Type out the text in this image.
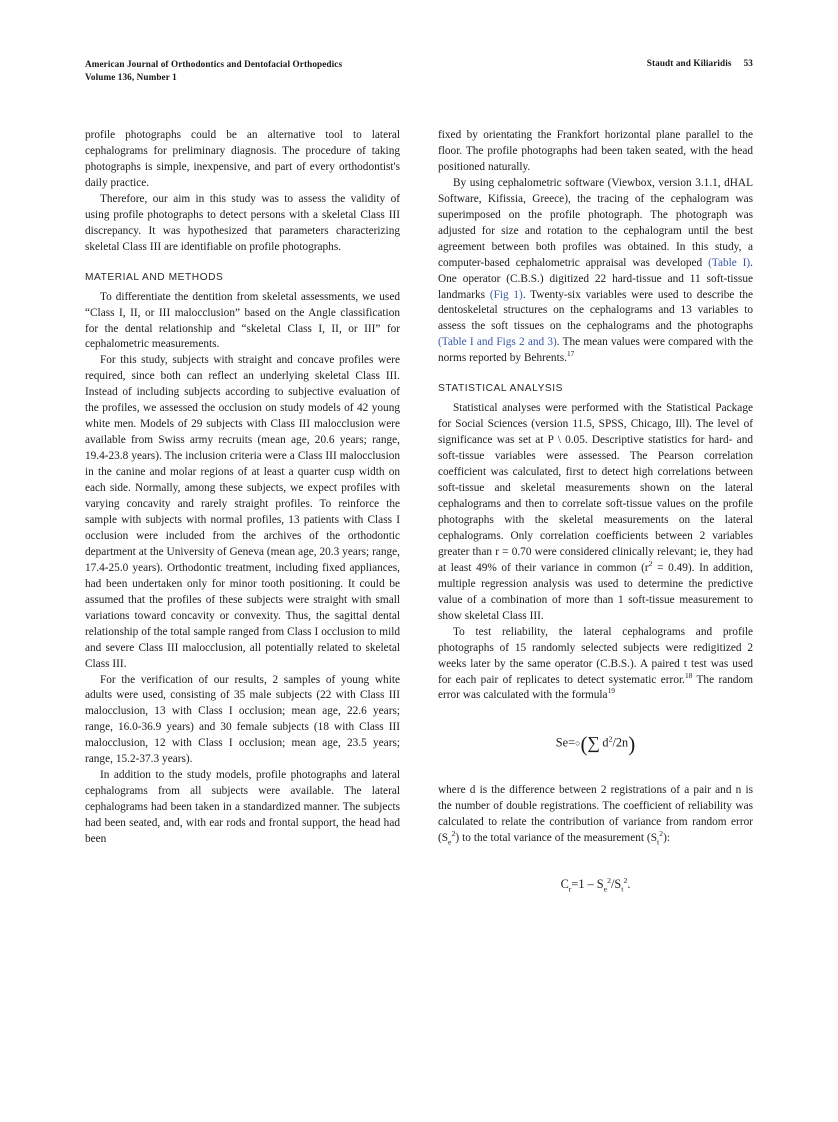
American Journal of Orthodontics and Dentofacial Orthopedics
Volume 136, Number 1
Staudt and Kiliaridis 53

profile photographs could be an alternative tool to lateral cephalograms for preliminary diagnosis. The procedure of taking photographs is simple, inexpensive, and part of every orthodontist's daily practice.

Therefore, our aim in this study was to assess the validity of using profile photographs to detect persons with a skeletal Class III discrepancy. It was hypothesized that parameters characterizing skeletal Class III are identifiable on profile photographs.

MATERIAL AND METHODS

To differentiate the dentition from skeletal assessments, we used “Class I, II, or III malocclusion” based on the Angle classification for the dental relationship and “skeletal Class I, II, or III” for cephalometric measurements.

For this study, subjects with straight and concave profiles were required, since both can reflect an underlying skeletal Class III. Instead of including subjects according to subjective evaluation of the profiles, we assessed the occlusion on study models of 42 young white men. Models of 29 subjects with Class III malocclusion were available from Swiss army recruits (mean age, 20.6 years; range, 19.4-23.8 years). The inclusion criteria were a Class III malocclusion in the canine and molar regions of at least a quarter cusp width on each side. Normally, among these subjects, we expect profiles with varying concavity and rarely straight profiles. To reinforce the sample with subjects with normal profiles, 13 patients with Class I occlusion were included from the archives of the orthodontic department at the University of Geneva (mean age, 20.3 years; range, 17.4-25.0 years). Orthodontic treatment, including fixed appliances, had been undertaken only for minor tooth positioning. It could be assumed that the profiles of these subjects were straight with small variations toward concavity or convexity. Thus, the sagittal dental relationship of the total sample ranged from Class I occlusion to mild and severe Class III malocclusion, all potentially related to skeletal Class III.

For the verification of our results, 2 samples of young white adults were used, consisting of 35 male subjects (22 with Class III malocclusion, 13 with Class I occlusion; mean age, 22.6 years; range, 16.0-36.9 years) and 30 female subjects (18 with Class III malocclusion, 12 with Class I occlusion; mean age, 23.5 years; range, 15.2-37.3 years).

In addition to the study models, profile photographs and lateral cephalograms from all subjects were available. The lateral cephalograms had been taken in a standardized manner. The subjects had been seated, and, with ear rods and frontal support, the head had been

fixed by orientating the Frankfort horizontal plane parallel to the floor. The profile photographs had been taken seated, with the head positioned naturally.

By using cephalometric software (Viewbox, version 3.1.1, dHAL Software, Kifissia, Greece), the tracing of the cephalogram was superimposed on the profile photograph. The photograph was adjusted for size and rotation to the cephalogram until the best agreement between both profiles was obtained. In this study, a computer-based cephalometric appraisal was developed (Table I). One operator (C.B.S.) digitized 22 hard-tissue and 11 soft-tissue landmarks (Fig 1). Twenty-six variables were used to describe the dentoskeletal structures on the cephalograms and 13 variables to assess the soft tissues on the cephalograms and the photographs (Table I and Figs 2 and 3). The mean values were compared with the norms reported by Behrents.$^{17}$

STATISTICAL ANALYSIS

Statistical analyses were performed with the Statistical Package for Social Sciences (version 11.5, SPSS, Chicago, Ill). The level of significance was set at P \ 0.05. Descriptive statistics for hard- and soft-tissue variables were assessed. The Pearson correlation coefficient was calculated, first to detect high correlations between soft-tissue and skeletal measurements shown on the lateral cephalograms and then to correlate soft-tissue values on the profile photographs with the skeletal measurements on the lateral cephalograms. Only correlation coefficients between 2 variables greater than r = 0.70 were considered clinically relevant; ie, they had at least 49% of their variance in common $(r^2 = 0.49)$. In addition, multiple regression analysis was used to determine the predictive value of a combination of more than 1 soft-tissue measurement to show skeletal Class III.

To test reliability, the lateral cephalograms and profile photographs of 15 randomly selected subjects were redigitized 2 weeks later by the same operator (C.B.S.). A paired t test was used for each pair of replicates to detect systematic error.$^{18}$ The random error was calculated with the formula$^{19}$

Se=○(∑  $d^2/2n$)

where d is the difference between 2 registrations of a pair and n is the number of double registrations. The coefficient of reliability was calculated to relate the contribution of variance from random error $(S_e^2)$ to the total variance of the measurement $(S_t^2)$:

$C_r=1 - S_e^2/S_t^2$.
